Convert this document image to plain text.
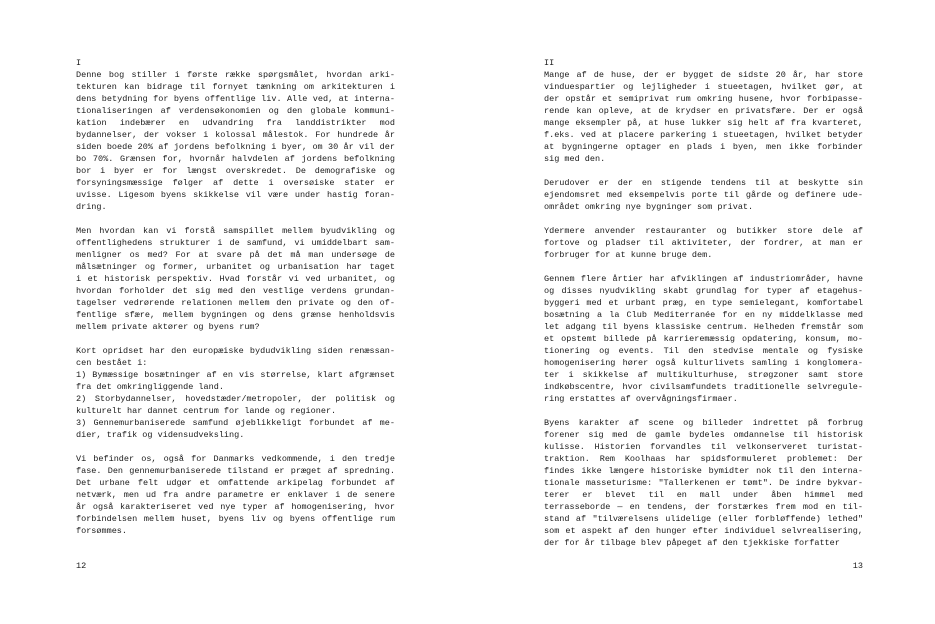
I
Denne bog stiller i første række spørgsmålet, hvordan arki-
tekturen kan bidrage til fornyet tænkning om arkitekturen i
dens betydning for byens offentlige liv. Alle ved, at interna-
tionaliseringen af verdensøkonomien og den globale kommuni-
kation indebærer en udvandring fra landdistrikter mod
bydannelser, der vokser i kolossal målestok. For hundrede år
siden boede 20% af jordens befolkning i byer, om 30 år vil der
bo 70%. Grænsen for, hvornår halvdelen af jordens befolkning
bor i byer er for længst overskredet. De demografiske og
forsyningsmæssige følger af dette i oversøiske stater er
uvisse. Ligesom byens skikkelse vil være under hastig foran-
dring.
Men hvordan kan vi forstå samspillet mellem byudvikling og
offentlighedens strukturer i de samfund, vi umiddelbart sam-
menligner os med? For at svare på det må man undersøge de
målsætninger og former, urbanitet og urbanisation har taget
i et historisk perspektiv. Hvad forstår vi ved urbanitet, og
hvordan forholder det sig med den vestlige verdens grundan-
tagelser vedrørende relationen mellem den private og den of-
fentlige sfære, mellem bygningen og dens grænse henholdsvis
mellem private aktører og byens rum?
Kort opridset har den europæiske bydudvikling siden renæssan-
cen bestået i:
1) Bymæssige bosætninger af en vis størrelse, klart afgrænset
fra det omkringliggende land.
2) Storbydannelser, hovedstæder/metropoler, der politisk og
kulturelt har dannet centrum for lande og regioner.
3) Gennemurbaniserede samfund øjeblikkeligt forbundet af me-
dier, trafik og vidensudveksling.
Vi befinder os, også for Danmarks vedkommende, i den tredje
fase. Den gennemurbaniserede tilstand er præget af spredning.
Det urbane felt udgør et omfattende arkipelag forbundet af
netværk, men ud fra andre parametre er enklaver i de senere
år også karakteriseret ved nye typer af homogenisering, hvor
forbindelsen mellem huset, byens liv og byens offentlige rum
forsømmes.
II
Mange af de huse, der er bygget de sidste 20 år, har store
vinduespartier og lejligheder i stueetagen, hvilket gør, at
der opstår et semiprivat rum omkring husene, hvor forbipasse-
rende kan opleve, at de krydser en privatsfære. Der er også
mange eksempler på, at huse lukker sig helt af fra kvarteret,
f.eks. ved at placere parkering i stueetagen, hvilket betyder
at bygningerne optager en plads i byen, men ikke forbinder
sig med den.
Derudover er der en stigende tendens til at beskytte sin
ejendomsret med eksempelvis porte til gårde og definere ude-
området omkring nye bygninger som privat.
Ydermere anvender restauranter og butikker store dele af
fortove og pladser til aktiviteter, der fordrer, at man er
forbruger for at kunne bruge dem.
Gennem flere årtier har afviklingen af industriområder, havne
og disses nyudvikling skabt grundlag for typer af etagehus-
byggeri med et urbant præg, en type semielegant, komfortabel
bosætning a la Club Mediterranée for en ny middelklasse med
let adgang til byens klassiske centrum. Helheden fremstår som
et opstemt billede på karrieremæssig opdatering, konsum, mo-
tionering og events. Til den stedvise mentale og fysiske
homogenisering hører også kulturlivets samling i konglomera-
ter i skikkelse af multikulturhuse, strøgzoner samt store
indkøbscentre, hvor civilsamfundets traditionelle selvregule-
ring erstattes af overvågningsfirmaer.
Byens karakter af scene og billeder indrettet på forbrug
forener sig med de gamle bydeles omdannelse til historisk
kulisse. Historien forvandles til velkonserveret turistat-
traktion. Rem Koolhaas har spidsformuleret problemet: Der
findes ikke længere historiske bymidter nok til den interna-
tionale masseturisme: "Tallerkenen er tømt". De indre bykvar-
terer er blevet til en mall under åben himmel med
terrasseborde — en tendens, der forstærkes frem mod en til-
stand af "tilværelsens ulidelige (eller forbløffende) lethed"
som et aspekt af den hunger efter individuel selvrealisering,
der for år tilbage blev påpeget af den tjekkiske forfatter
12	13
